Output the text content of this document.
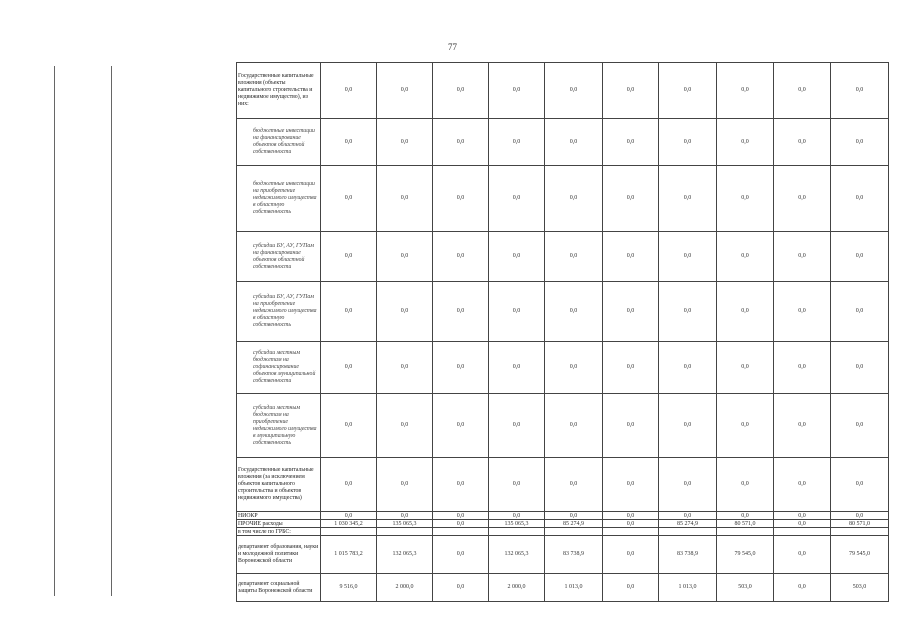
77
Государственные капитальные вложения (объекты капитального строительства и недвижимое имущество), из них:	0,0	0,0	0,0	0,0	0,0	0,0	0,0	0,0	0,0	0,0
бюджетные инвестиции на финансирование объектов областной собственности	0,0	0,0	0,0	0,0	0,0	0,0	0,0	0,0	0,0	0,0
бюджетные инвестиции на приобретение недвижимого имущества в областную собственность	0,0	0,0	0,0	0,0	0,0	0,0	0,0	0,0	0,0	0,0
субсидии БУ, АУ, ГУПам на финансирование объектов областной собственности	0,0	0,0	0,0	0,0	0,0	0,0	0,0	0,0	0,0	0,0
субсидии БУ, АУ, ГУПам на приобретение недвижимого имущества в областную собственность	0,0	0,0	0,0	0,0	0,0	0,0	0,0	0,0	0,0	0,0
субсидии местным бюджетам на софинансирование объектов муниципальной собственности	0,0	0,0	0,0	0,0	0,0	0,0	0,0	0,0	0,0	0,0
субсидии местным бюджетам на приобретение недвижимого имущества в муниципальную собственность	0,0	0,0	0,0	0,0	0,0	0,0	0,0	0,0	0,0	0,0
Государственные капитальные вложения (за исключением объектов капитального строительства и объектов недвижимого имущества)	0,0	0,0	0,0	0,0	0,0	0,0	0,0	0,0	0,0	0,0
НИОКР	0,0	0,0	0,0	0,0	0,0	0,0	0,0	0,0	0,0	0,0
ПРОЧИЕ расходы	1 030 345,2	135 065,3	0,0	135 065,3	85 274,9	0,0	85 274,9	80 571,0	0,0	80 571,0
в том числе по ГРБС:										
департамент образования, науки и молодежной политики Воронежской области	1 015 783,2	132 065,3	0,0	132 065,3	83 738,9	0,0	83 738,9	79 545,0	0,0	79 545,0
департамент социальной защиты Воронежской области	9 516,0	2 000,0	0,0	2 000,0	1 013,0	0,0	1 013,0	503,0	0,0	503,0
